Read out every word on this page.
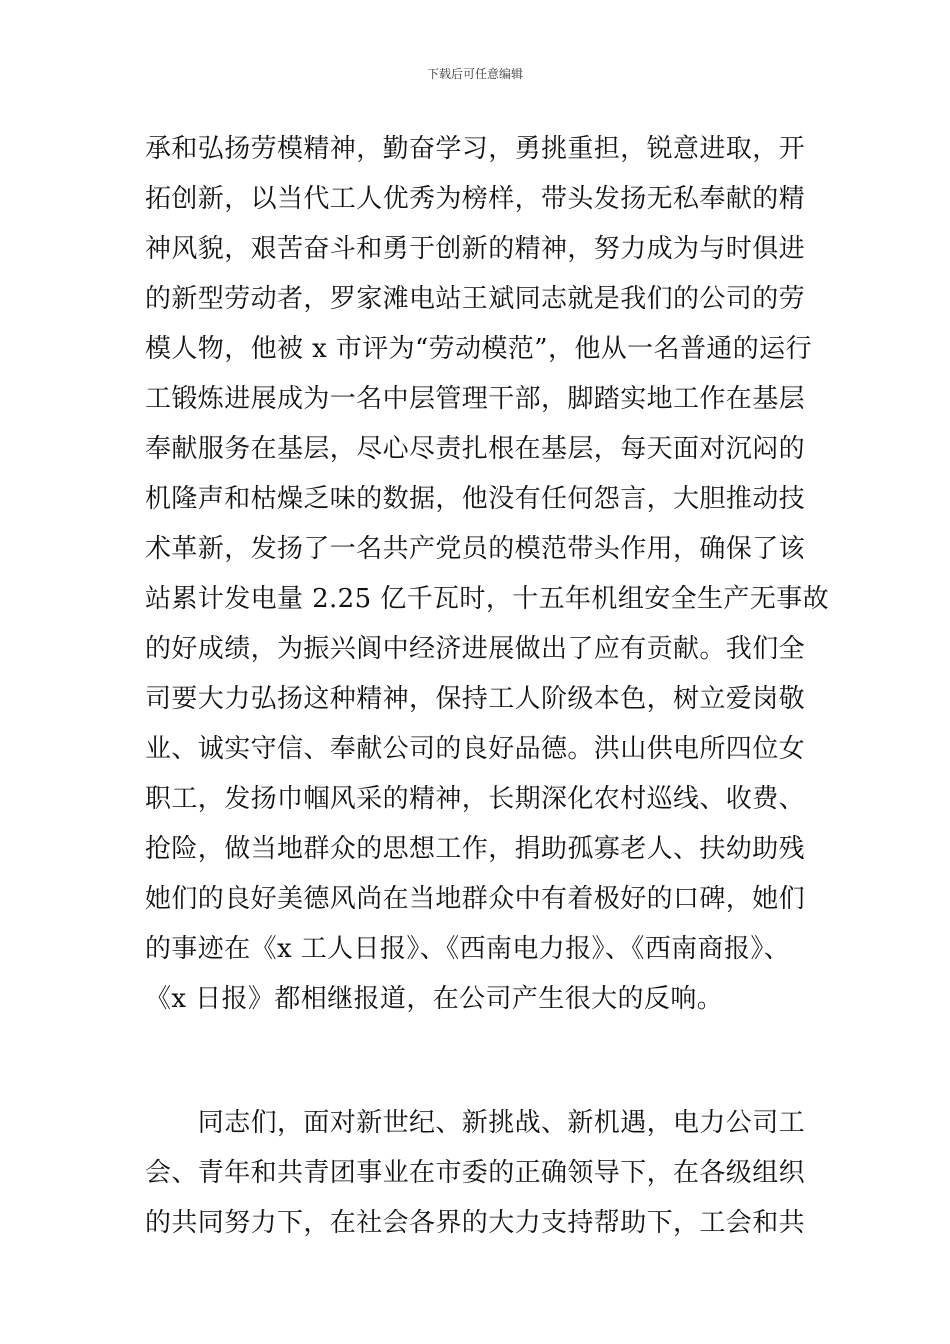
下载后可任意编辑
承和弘扬劳模精神，勤奋学习，勇挑重担，锐意进取，开
拓创新，以当代工人优秀为榜样，带头发扬无私奉献的精
神风貌，艰苦奋斗和勇于创新的精神，努力成为与时俱进
的新型劳动者，罗家滩电站王斌同志就是我们的公司的劳
模人物，他被 x 市评为“劳动模范”，他从一名普通的运行
工锻炼进展成为一名中层管理干部，脚踏实地工作在基层
奉献服务在基层，尽心尽责扎根在基层，每天面对沉闷的
机隆声和枯燥乏味的数据，他没有任何怨言，大胆推动技
术革新，发扬了一名共产党员的模范带头作用，确保了该
站累计发电量 2.25 亿千瓦时，十五年机组安全生产无事故
的好成绩，为振兴阆中经济进展做出了应有贡献。我们全
司要大力弘扬这种精神，保持工人阶级本色，树立爱岗敬
业、诚实守信、奉献公司的良好品德。洪山供电所四位女
职工，发扬巾帼风采的精神，长期深化农村巡线、收费、
抢险，做当地群众的思想工作，捐助孤寡老人、扶幼助残
她们的良好美德风尚在当地群众中有着极好的口碑，她们
的事迹在《x 工人日报》、《西南电力报》、《西南商报》、
《x 日报》都相继报道，在公司产生很大的反响。
　　同志们，面对新世纪、新挑战、新机遇，电力公司工
会、青年和共青团事业在市委的正确领导下，在各级组织
的共同努力下，在社会各界的大力支持帮助下，工会和共
